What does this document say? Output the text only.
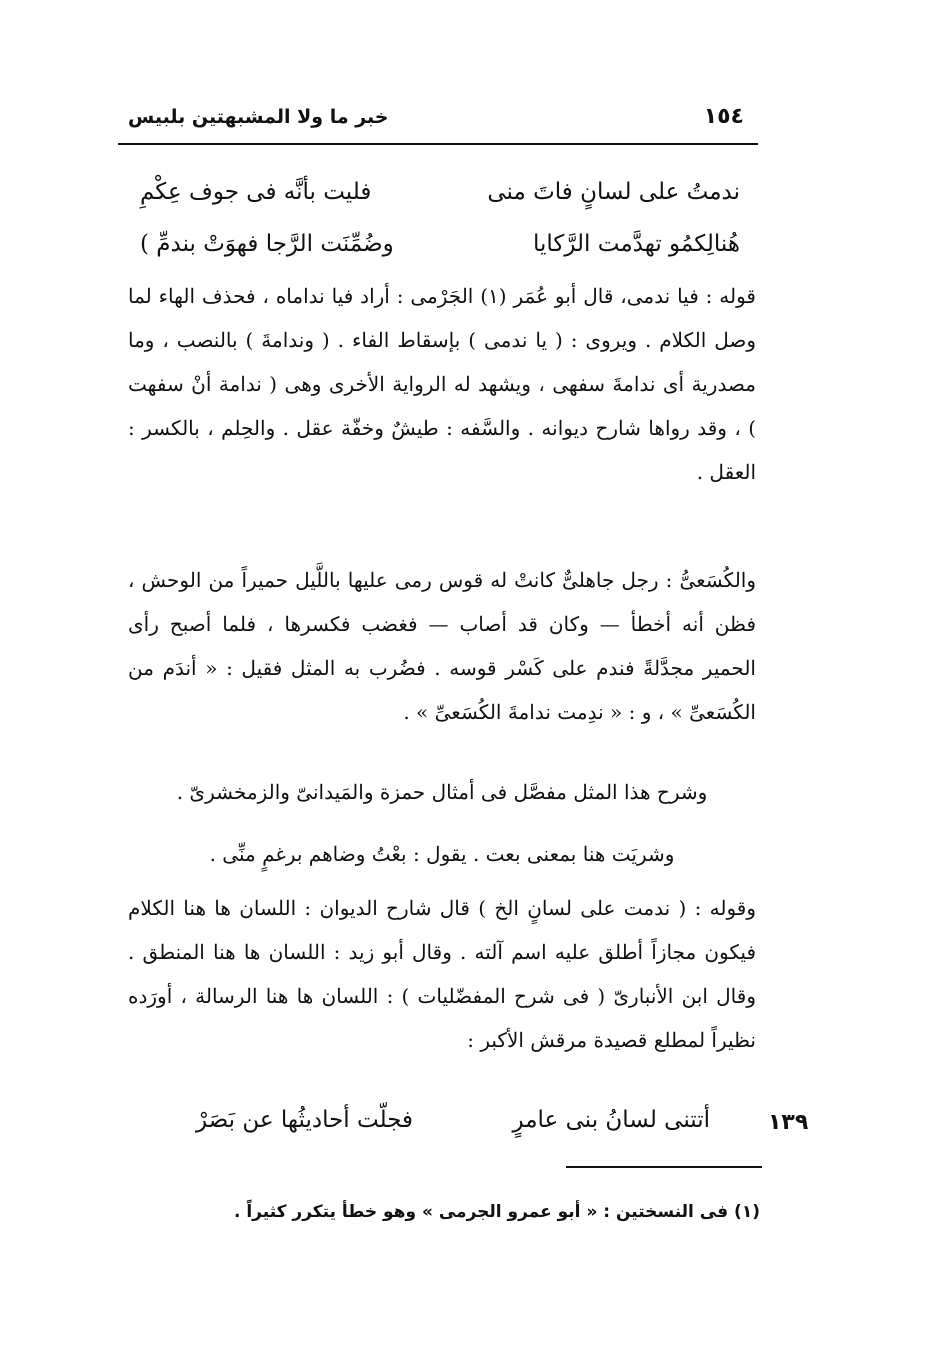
١٥٤
خبر ما ولا المشبهتين بلبيس
ندمتُ على لسانٍ فاتَ منى
فليت بأنَّه فى جوف عِكْمِ
هُنالِكمُو تهدَّمت الرَّكايا
وضُمِّنَت الرَّجا فهوَتْ بندمِّ )

قوله : فيا ندمى، قال أبو عُمَر (١) الجَرْمى : أراد فيا نداماه ، فحذف الهاء لما وصل الكلام . ويروى : ( يا ندمى ) بإسقاط الفاء . ( وندامةَ ) بالنصب ، وما مصدرية أى ندامةَ سفهى ، ويشهد له الرواية الأخرى وهى ( ندامة أنْ سفهت ) ، وقد رواها شارح ديوانه . والسَّفه : طيشٌ وخفّة عقل . والحِلم ، بالكسر : العقل .

والكُسَعىُّ : رجل جاهلىٌّ كانتْ له قوس رمى عليها باللَّيل حميراً من الوحش ، فظن أنه أخطأ — وكان قد أصاب — فغضب فكسرها ، فلما أصبح رأى الحمير مجدَّلةً فندم على كَسْر قوسه . فضُرب به المثل فقيل : « أندَم من الكُسَعىِّ » ، و : « ندِمت ندامةَ الكُسَعىِّ » .

وشرح هذا المثل مفصَّل فى أمثال حمزة والمَيدانىّ والزمخشرىّ .

وشريَت هنا بمعنى بعت . يقول : بعْتُ وضاهم برغمٍ منِّى .

وقوله : ( ندمت على لسانٍ الخ ) قال شارح الديوان : اللسان ها هنا الكلام فيكون مجازاً أطلق عليه اسم آلته . وقال أبو زيد : اللسان ها هنا المنطق . وقال ابن الأنبارىّ ( فى شرح المفضّليات ) : اللسان ها هنا الرسالة ، أورَده نظيراً لمطلع قصيدة مرقش الأكبر :

أتتنى لسانُ بنى عامرٍ
فجلّت أحاديثُها عن بَصَرْ	١٣٩
(١) فى النسختين : « أبو عمرو الجرمى » وهو خطأ يتكرر كثيراً .
